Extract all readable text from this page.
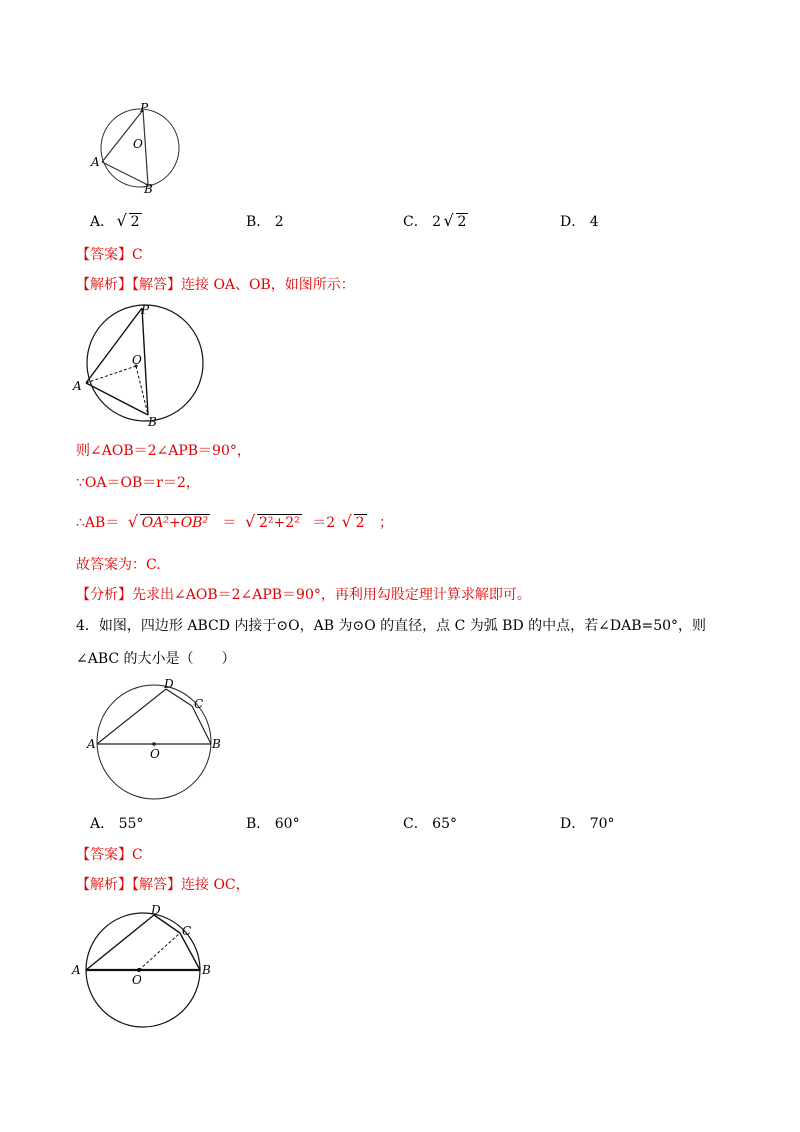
P
O
A
B
A． √ 2	B． 2	C． 2 √ 2	D． 4
【答案】C
【解析】【解答】连接 OA、OB，如图所示：
P
O
A
B
则∠AOB＝2∠APB＝90°，
∵OA＝OB＝r＝2，
∴AB＝ √ OA²+OB² ＝ √ 2²+2² ＝2 √ 2 ；
故答案为：C.
【分析】先求出∠AOB＝2∠APB＝90°，再利用勾股定理计算求解即可。
4．如图，四边形 ABCD 内接于⊙O，AB 为⊙O 的直径，点 C 为弧 BD 的中点，若∠DAB=50°，则
∠ABC 的大小是（　　）
D
C
A	B
O
A． 55°	B． 60°	C． 65°	D． 70°
【答案】C
【解析】【解答】连接 OC，
D
C
A	B
O
